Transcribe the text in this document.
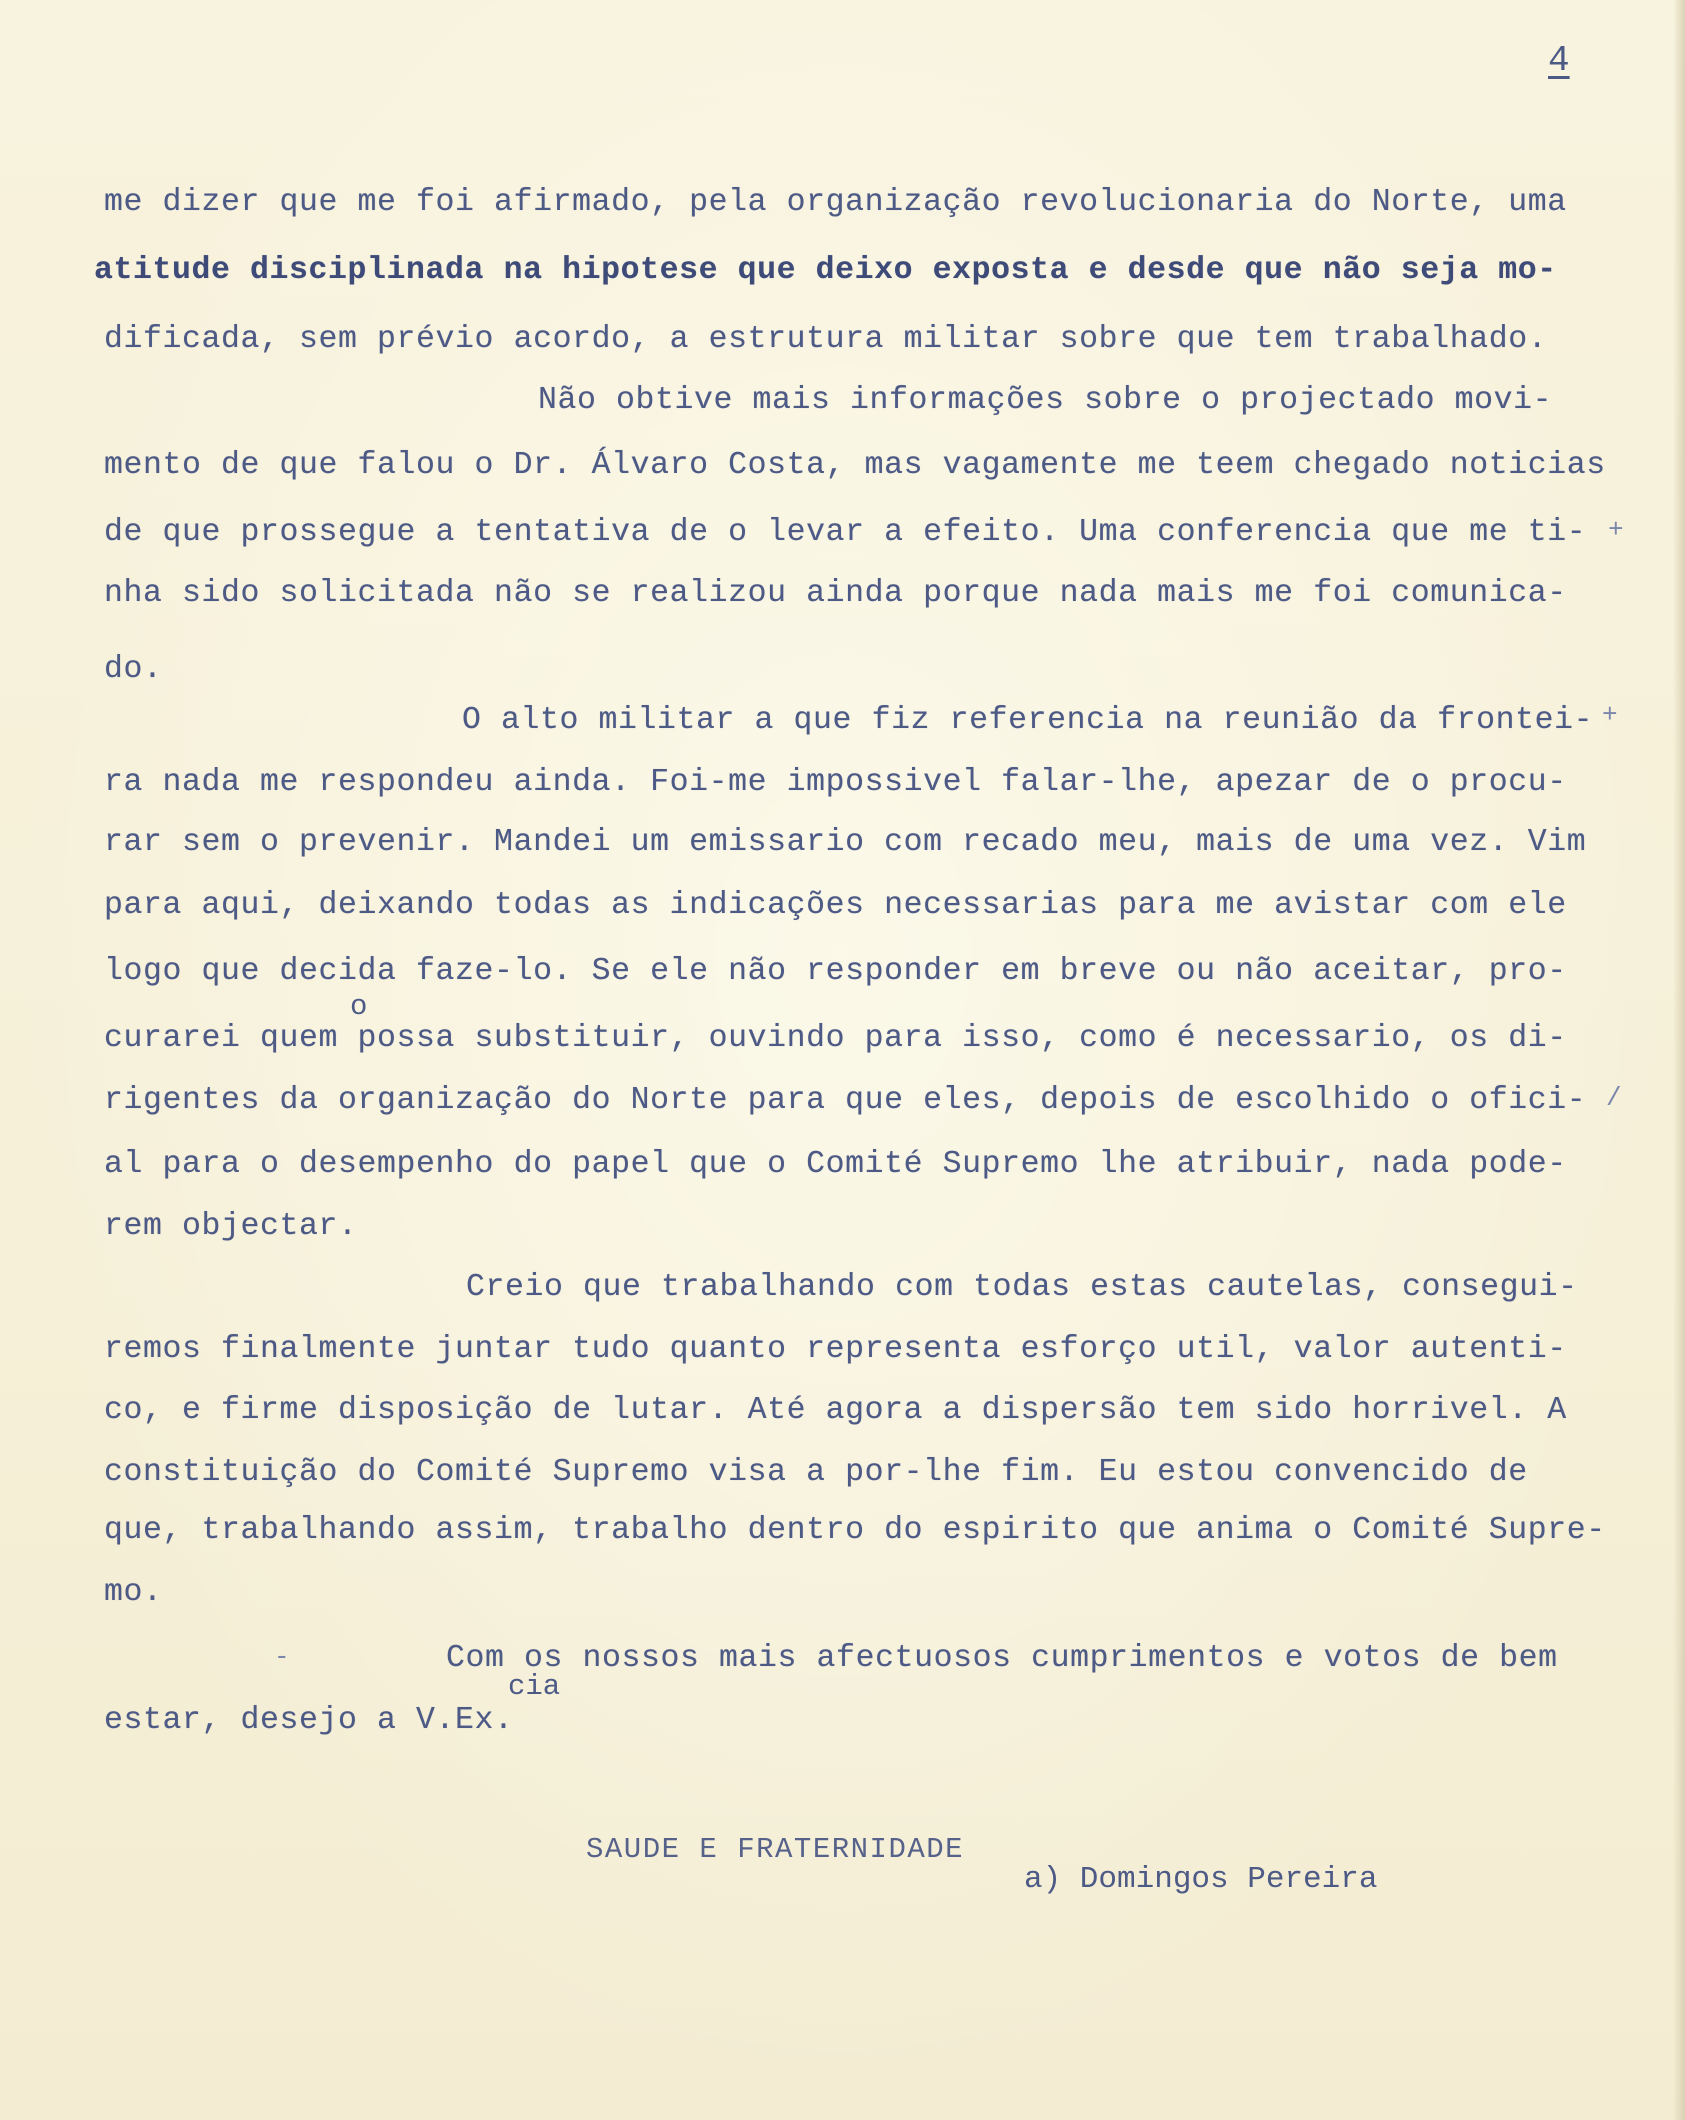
4
me dizer que me foi afirmado, pela organização revolucionaria do Norte, uma
atitude disciplinada na hipotese que deixo exposta e desde que não seja mo-
dificada, sem prévio acordo, a estrutura militar sobre que tem trabalhado.
Não obtive mais informações sobre o projectado movi-
mento de que falou o Dr. Álvaro Costa, mas vagamente me teem chegado noticias
de que prossegue a tentativa de o levar a efeito. Uma conferencia que me ti-
nha sido solicitada não se realizou ainda porque nada mais me foi comunica-
do.
O alto militar a que fiz referencia na reunião da frontei-
ra nada me respondeu ainda. Foi-me impossivel falar-lhe, apezar de o procu-
rar sem o prevenir. Mandei um emissario com recado meu, mais de uma vez. Vim
para aqui, deixando todas as indicações necessarias para me avistar com ele
logo que decida faze-lo. Se ele não responder em breve ou não aceitar, pro-
o
curarei quem possa substituir, ouvindo para isso, como é necessario, os di-
rigentes da organização do Norte para que eles, depois de escolhido o ofici-
al para o desempenho do papel que o Comité Supremo lhe atribuir, nada pode-
rem objectar.
Creio que trabalhando com todas estas cautelas, consegui-
remos finalmente juntar tudo quanto representa esforço util, valor autenti-
co, e firme disposição de lutar. Até agora a dispersão tem sido horrivel. A
constituição do Comité Supremo visa a por-lhe fim. Eu estou convencido de
que, trabalhando assim, trabalho dentro do espirito que anima o Comité Supre-
mo.
Com os nossos mais afectuosos cumprimentos e votos de bem
cia
estar, desejo a V.Ex.
SAUDE E FRATERNIDADE
a) Domingos Pereira
+
+
/
-
